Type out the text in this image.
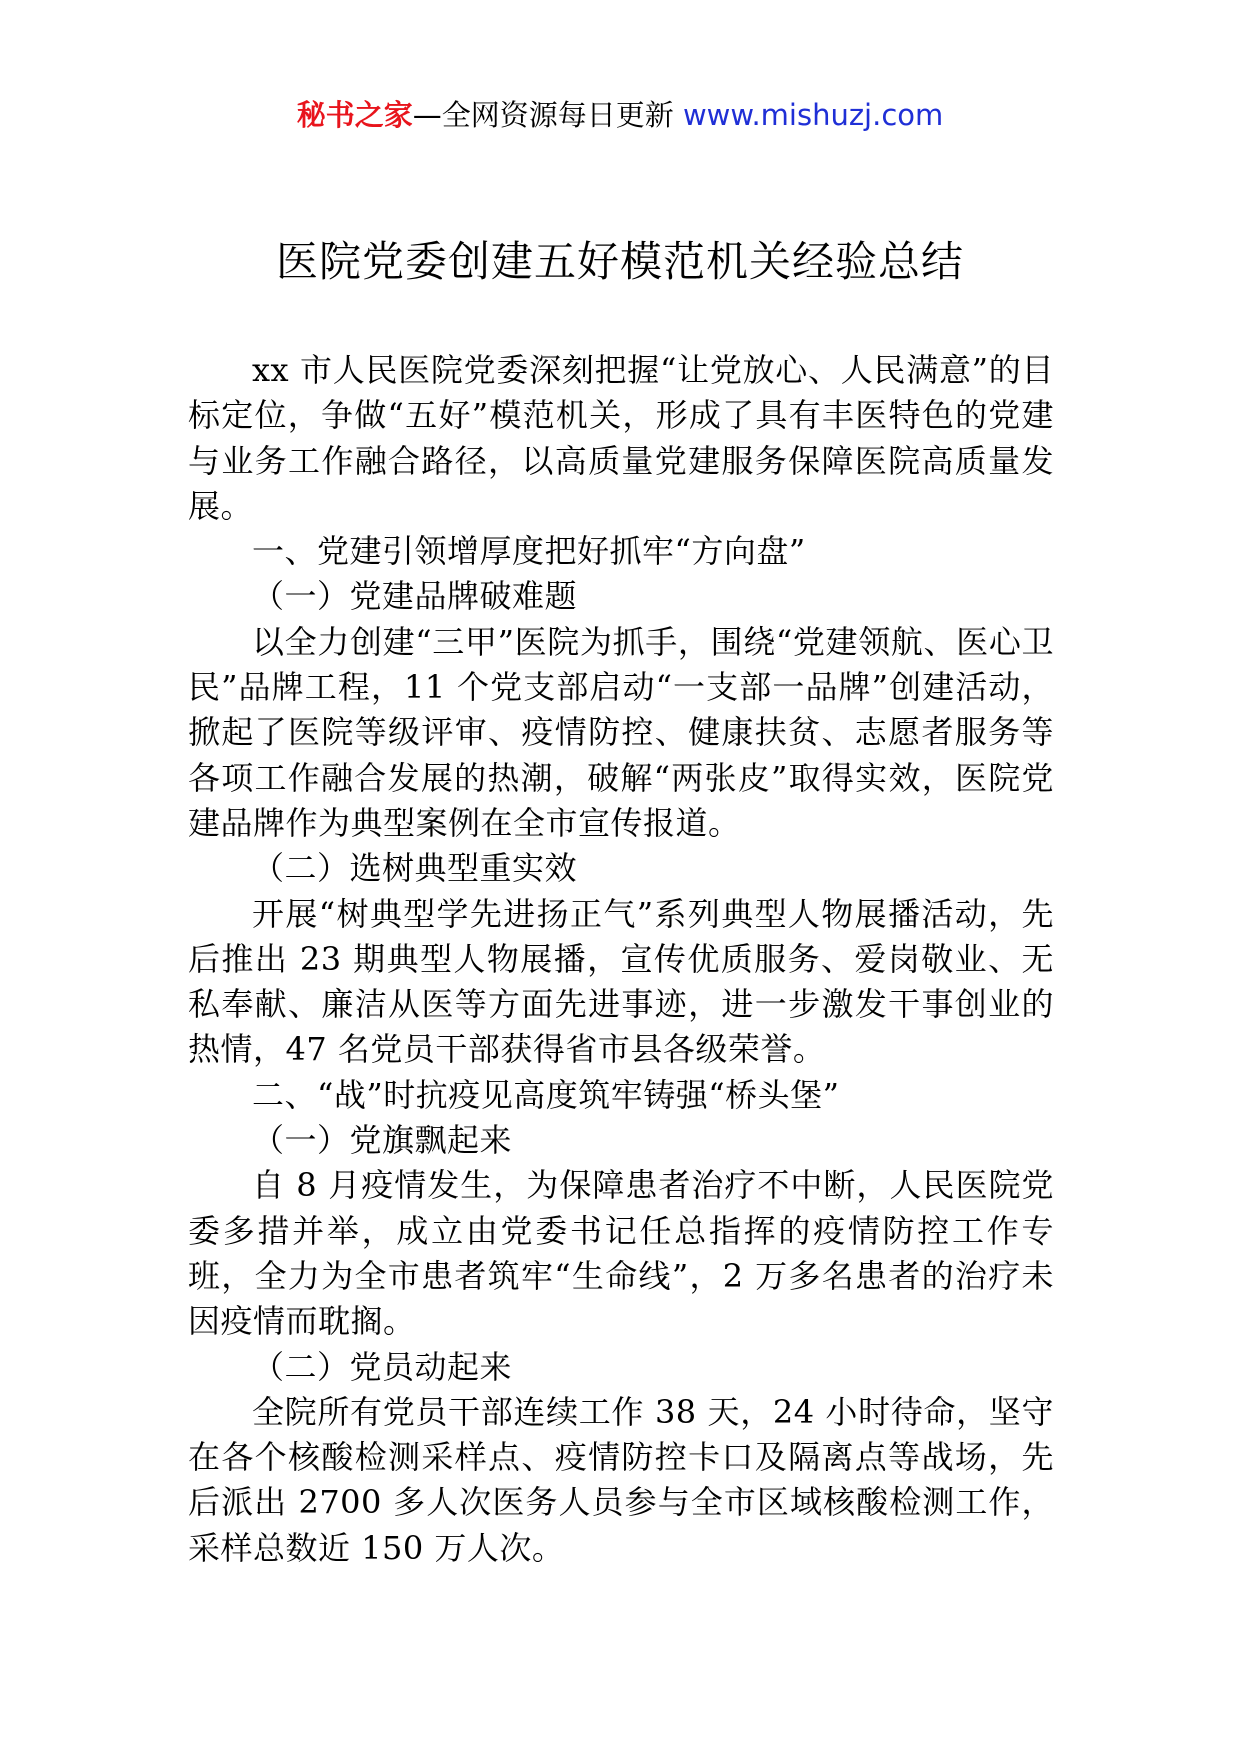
秘书之家—全网资源每日更新 www.mishuzj.com
医院党委创建五好模范机关经验总结

xx 市人民医院党委深刻把握“让党放心、人民满意”的目标定位，争做“五好”模范机关，形成了具有丰医特色的党建与业务工作融合路径，以高质量党建服务保障医院高质量发展。

一、党建引领增厚度把好抓牢“方向盘”

（一）党建品牌破难题

以全力创建“三甲”医院为抓手，围绕“党建领航、医心卫民”品牌工程，11 个党支部启动“一支部一品牌”创建活动，掀起了医院等级评审、疫情防控、健康扶贫、志愿者服务等各项工作融合发展的热潮，破解“两张皮”取得实效，医院党建品牌作为典型案例在全市宣传报道。

（二）选树典型重实效

开展“树典型学先进扬正气”系列典型人物展播活动，先后推出 23 期典型人物展播，宣传优质服务、爱岗敬业、无私奉献、廉洁从医等方面先进事迹，进一步激发干事创业的热情，47 名党员干部获得省市县各级荣誉。

二、“战”时抗疫见高度筑牢铸强“桥头堡”

（一）党旗飘起来

自 8 月疫情发生，为保障患者治疗不中断，人民医院党委多措并举，成立由党委书记任总指挥的疫情防控工作专班，全力为全市患者筑牢“生命线”，2 万多名患者的治疗未因疫情而耽搁。

（二）党员动起来

全院所有党员干部连续工作 38 天，24 小时待命，坚守在各个核酸检测采样点、疫情防控卡口及隔离点等战场，先后派出 2700 多人次医务人员参与全市区域核酸检测工作，采样总数近 150 万人次。
